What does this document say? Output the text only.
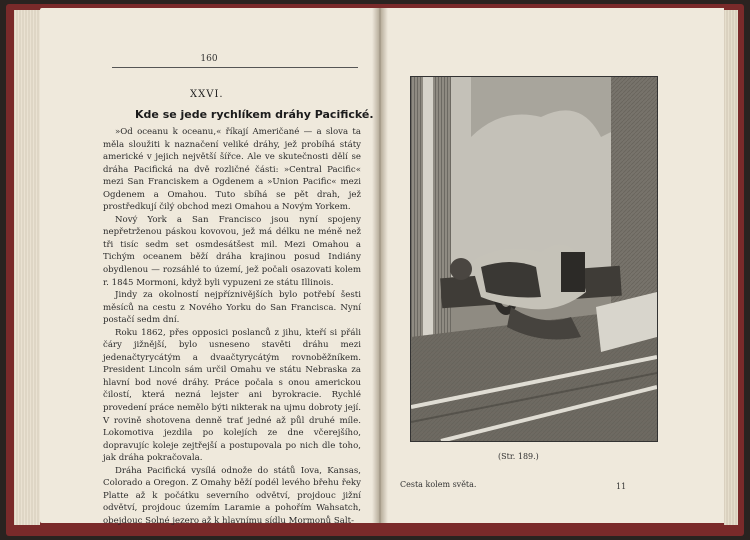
160
XXVI.
Kde se jede rychlíkem dráhy Pacifické.

»Od oceanu k oceanu,« říkají Američané — a slova ta měla sloužiti k naznačení veliké dráhy, jež probíhá státy americké v jejich největší šířce. Ale ve skutečnosti dělí se dráha Pacifická na dvě rozličné části: »Central Pacific« mezi San Franciskem a Ogdenem a »Union Pacific« mezi Ogdenem a Omahou. Tuto sbíhá se pět drah, jež prostředkují čilý obchod mezi Omahou a Novým Yorkem.

Nový York a San Francisco jsou nyní spojeny nepřetrženou páskou kovovou, jež má délku ne méně než tři tisíc sedm set osmdesátšest mil. Mezi Omahou a Tichým oceanem běží dráha krajinou posud Indiány obydlenou — rozsáhlé to území, jež počali osazovati kolem r. 1845 Mormoni, když byli vypuzeni ze státu Illinois.

Jindy za okolností nejpříznivějších bylo potřebí šesti měsíců na cestu z Nového Yorku do San Francisca. Nyní postačí sedm dní.

Roku 1862, přes opposici poslanců z jihu, kteří si přáli čáry jižnější, bylo usneseno stavěti dráhu mezi jedenačtyrycátým a dvaačtyrycátým rovnoběžníkem. President Lincoln sám určil Omahu ve státu Nebraska za hlavní bod nové dráhy. Práce počala s onou americkou čilostí, která nezná lejster ani byrokracie. Rychlé provedení práce nemělo býti nikterak na ujmu dobroty její. V rovině shotovena denně trať jedné až půl druhé míle. Lokomotiva jezdila po kolejích ze dne včerejšího, dopravujíc koleje zejtřejší a postupovala po nich dle toho, jak dráha pokračovala.

Dráha Pacifická vysílá odnože do států Iova, Kansas, Colorado a Oregon. Z Omahy běží podél levého břehu řeky Platte až k počátku severního odvětví, projdouc jižní odvětví, projdouc územím Laramie a pohořím Wahsatch, obejdouc Solné jezero až k hlavnímu sídlu Mormonů Salt-

(Str. 189.)
Cesta kolem světa.	11
